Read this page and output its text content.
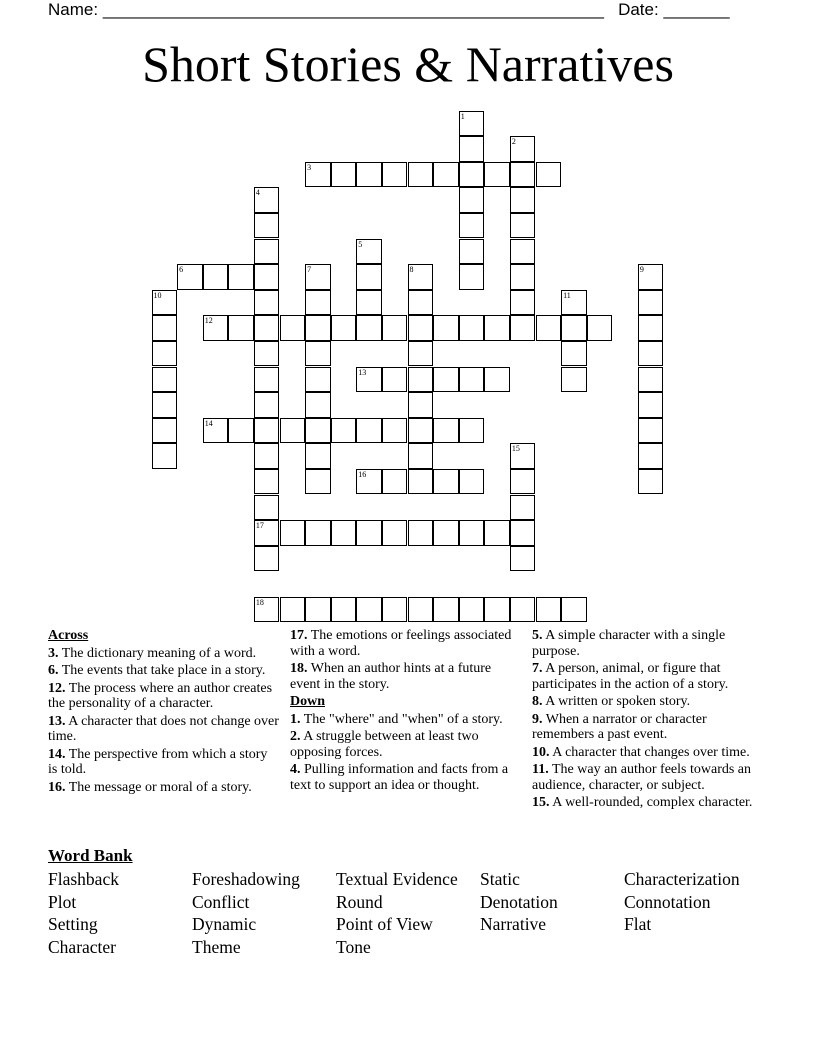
Name: _____________________________________________________ Date: _______
Short Stories & Narratives
1
2
3
4
17
5
6	7	8	9
10	11
12
13
14
15
16
18
Across
3. The dictionary meaning of a word.
6. The events that take place in a story.
12. The process where an author creates the personality of a character.
13. A character that does not change over time.
14. The perspective from which a story is told.
16. The message or moral of a story.
17. The emotions or feelings associated with a word.
18. When an author hints at a future event in the story.
Down
1. The "where" and "when" of a story.
2. A struggle between at least two opposing forces.
4. Pulling information and facts from a text to support an idea or thought.
5. A simple character with a single purpose.
7. A person, animal, or figure that participates in the action of a story.
8. A written or spoken story.
9. When a narrator or character remembers a past event.
10. A character that changes over time.
11. The way an author feels towards an audience, character, or subject.
15. A well-rounded, complex character.
Word Bank
Flashback	Foreshadowing	Textual Evidence	Static	Characterization
Plot	Conflict	Round	Denotation	Connotation
Setting	Dynamic	Point of View	Narrative	Flat
Character	Theme	Tone
